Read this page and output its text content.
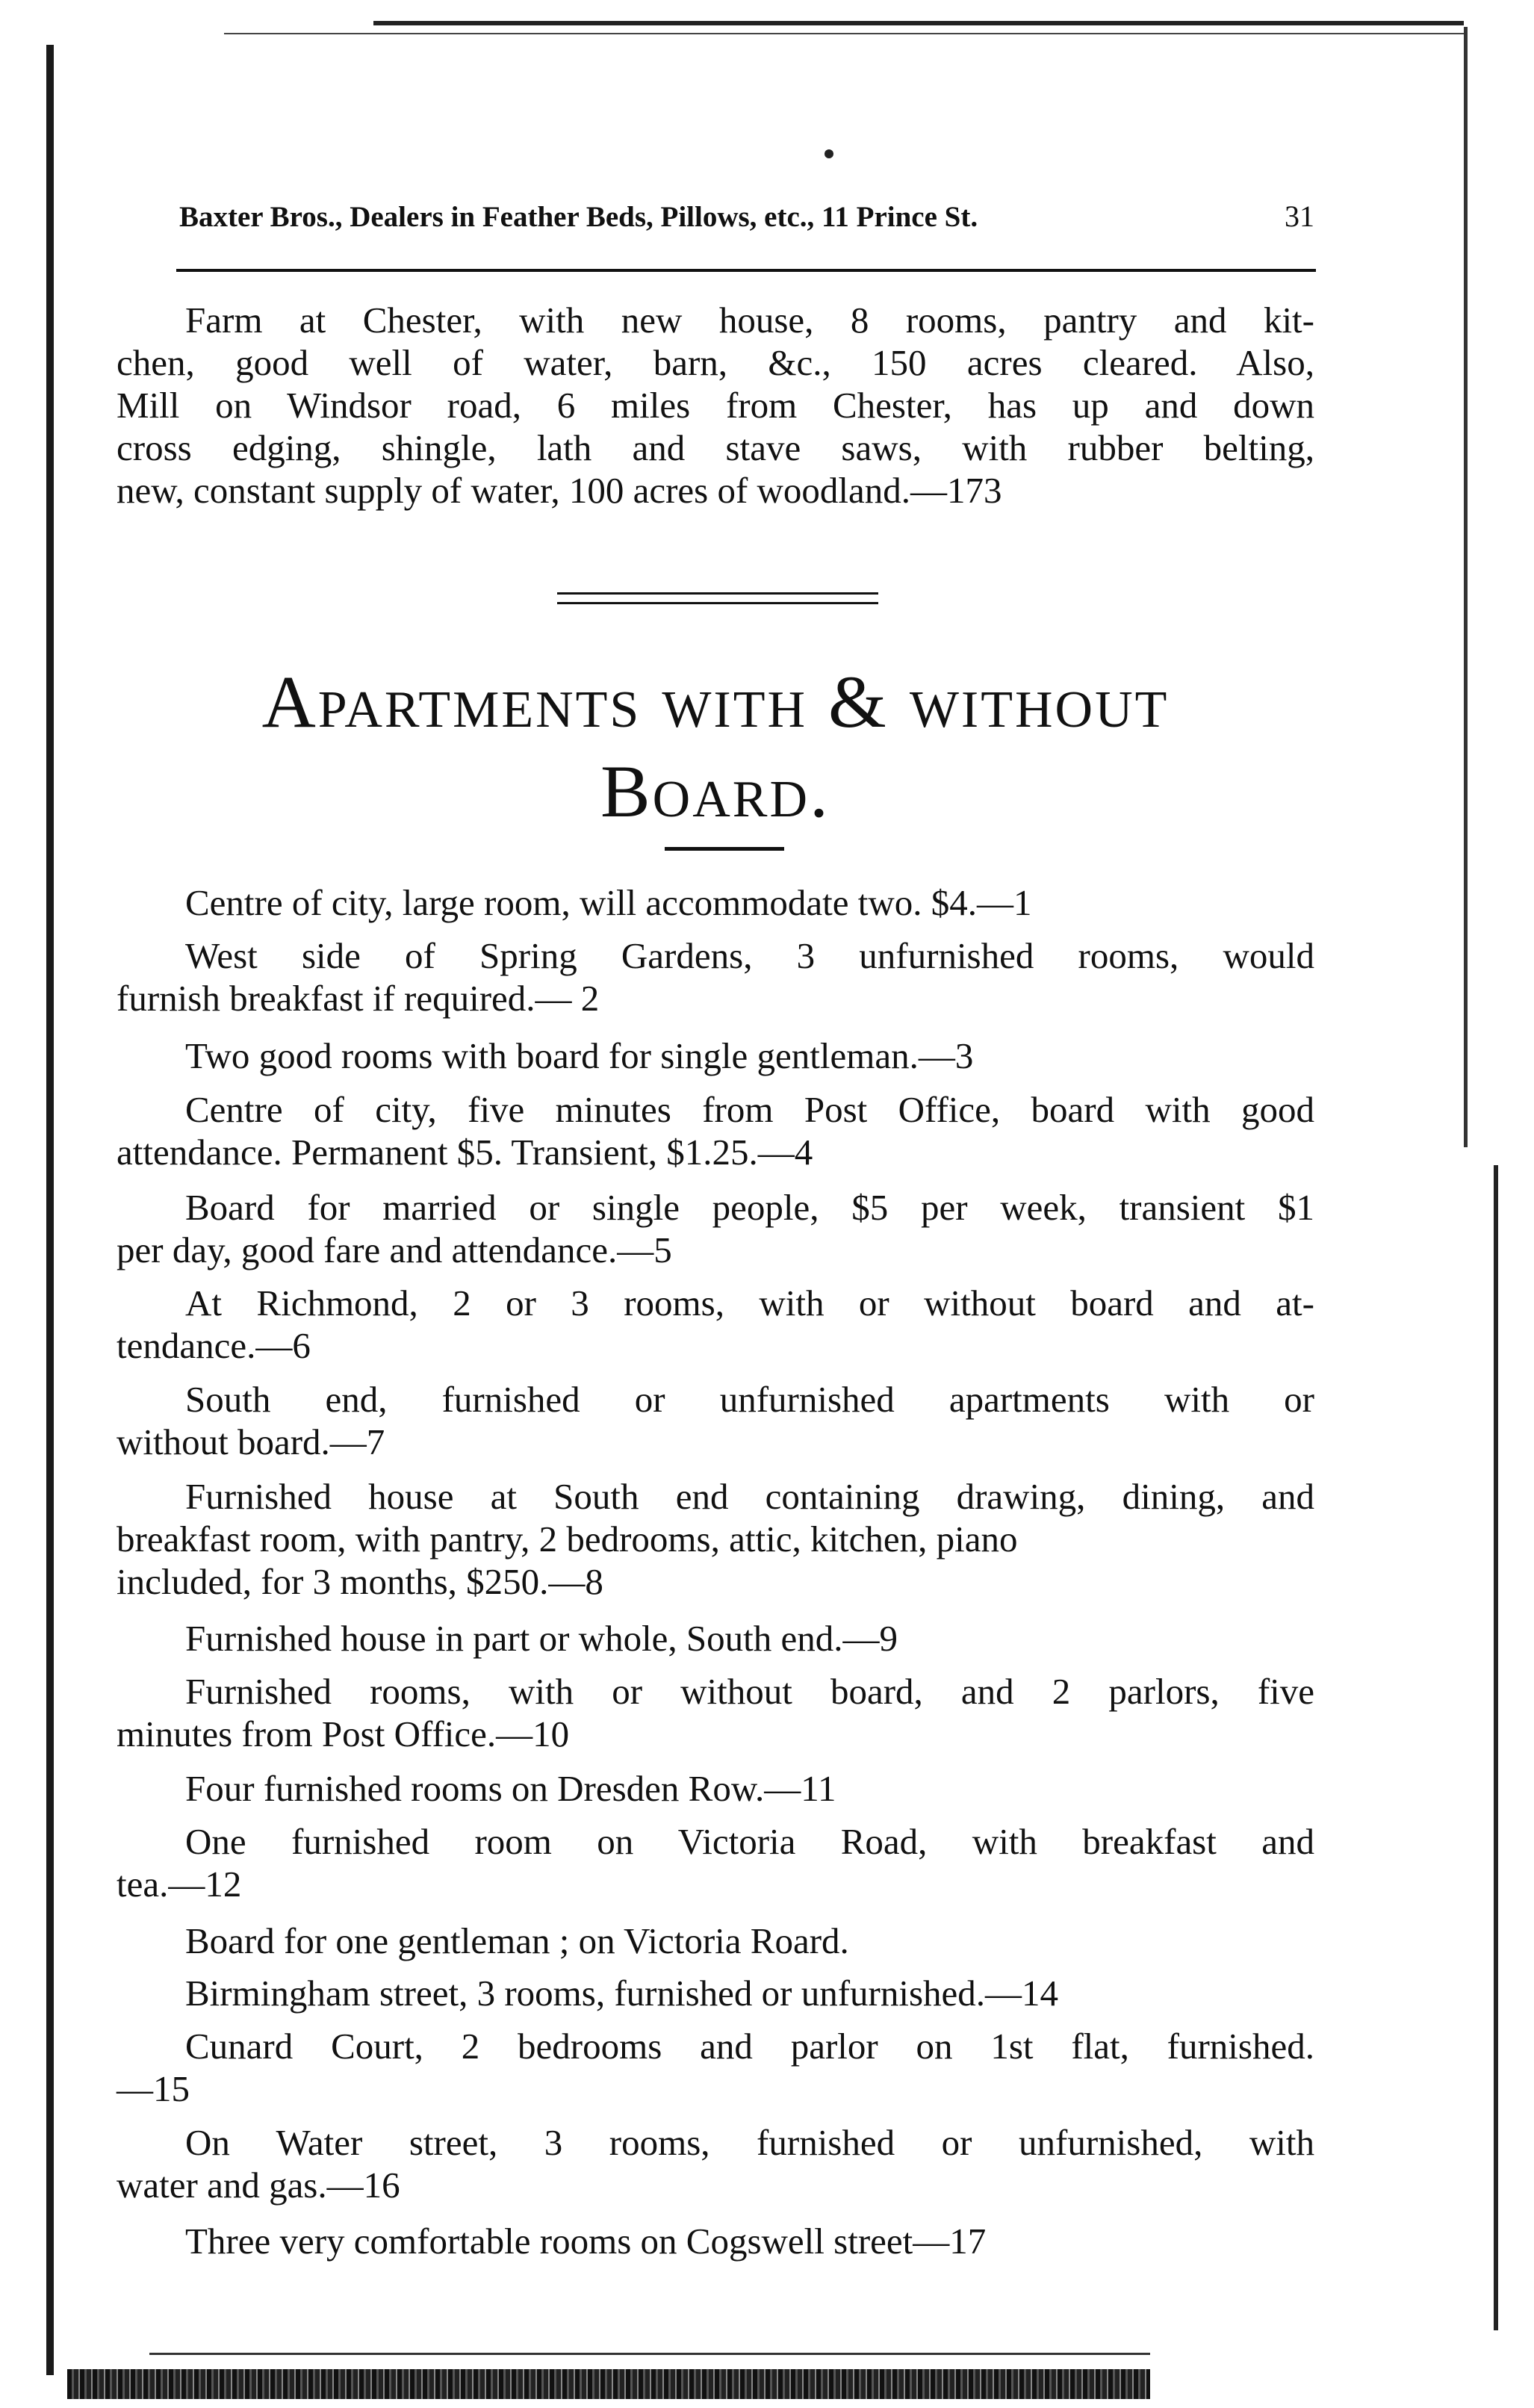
Baxter Bros., Dealers in Feather Beds, Pillows, etc., 11 Prince St.	31
Farm at Chester, with new house, 8 rooms, pantry and kit-
chen, good well of water, barn, &c., 150 acres cleared. Also,
Mill on Windsor road, 6 miles from Chester, has up and down
cross edging, shingle, lath and stave saws, with rubber belting,
new, constant supply of water, 100 acres of woodland.—173
Apartments with & without
Board.
Centre of city, large room, will accommodate two. $4.—1
West side of Spring Gardens, 3 unfurnished rooms, would
furnish breakfast if required.— 2
Two good rooms with board for single gentleman.—3
Centre of city, five minutes from Post Office, board with good
attendance. Permanent $5. Transient, $1.25.—4
Board for married or single people, $5 per week, transient $1
per day, good fare and attendance.—5
At Richmond, 2 or 3 rooms, with or without board and at-
tendance.—6
South end, furnished or unfurnished apartments with or
without board.—7
Furnished house at South end containing drawing, dining, and
breakfast room, with pantry, 2 bedrooms, attic, kitchen, piano
included, for 3 months, $250.—8
Furnished house in part or whole, South end.—9
Furnished rooms, with or without board, and 2 parlors, five
minutes from Post Office.—10
Four furnished rooms on Dresden Row.—11
One furnished room on Victoria Road, with breakfast and
tea.—12
Board for one gentleman ; on Victoria Roard.
Birmingham street, 3 rooms, furnished or unfurnished.—14
Cunard Court, 2 bedrooms and parlor on 1st flat, furnished.
—15
On Water street, 3 rooms, furnished or unfurnished, with
water and gas.—16
Three very comfortable rooms on Cogswell street—17
